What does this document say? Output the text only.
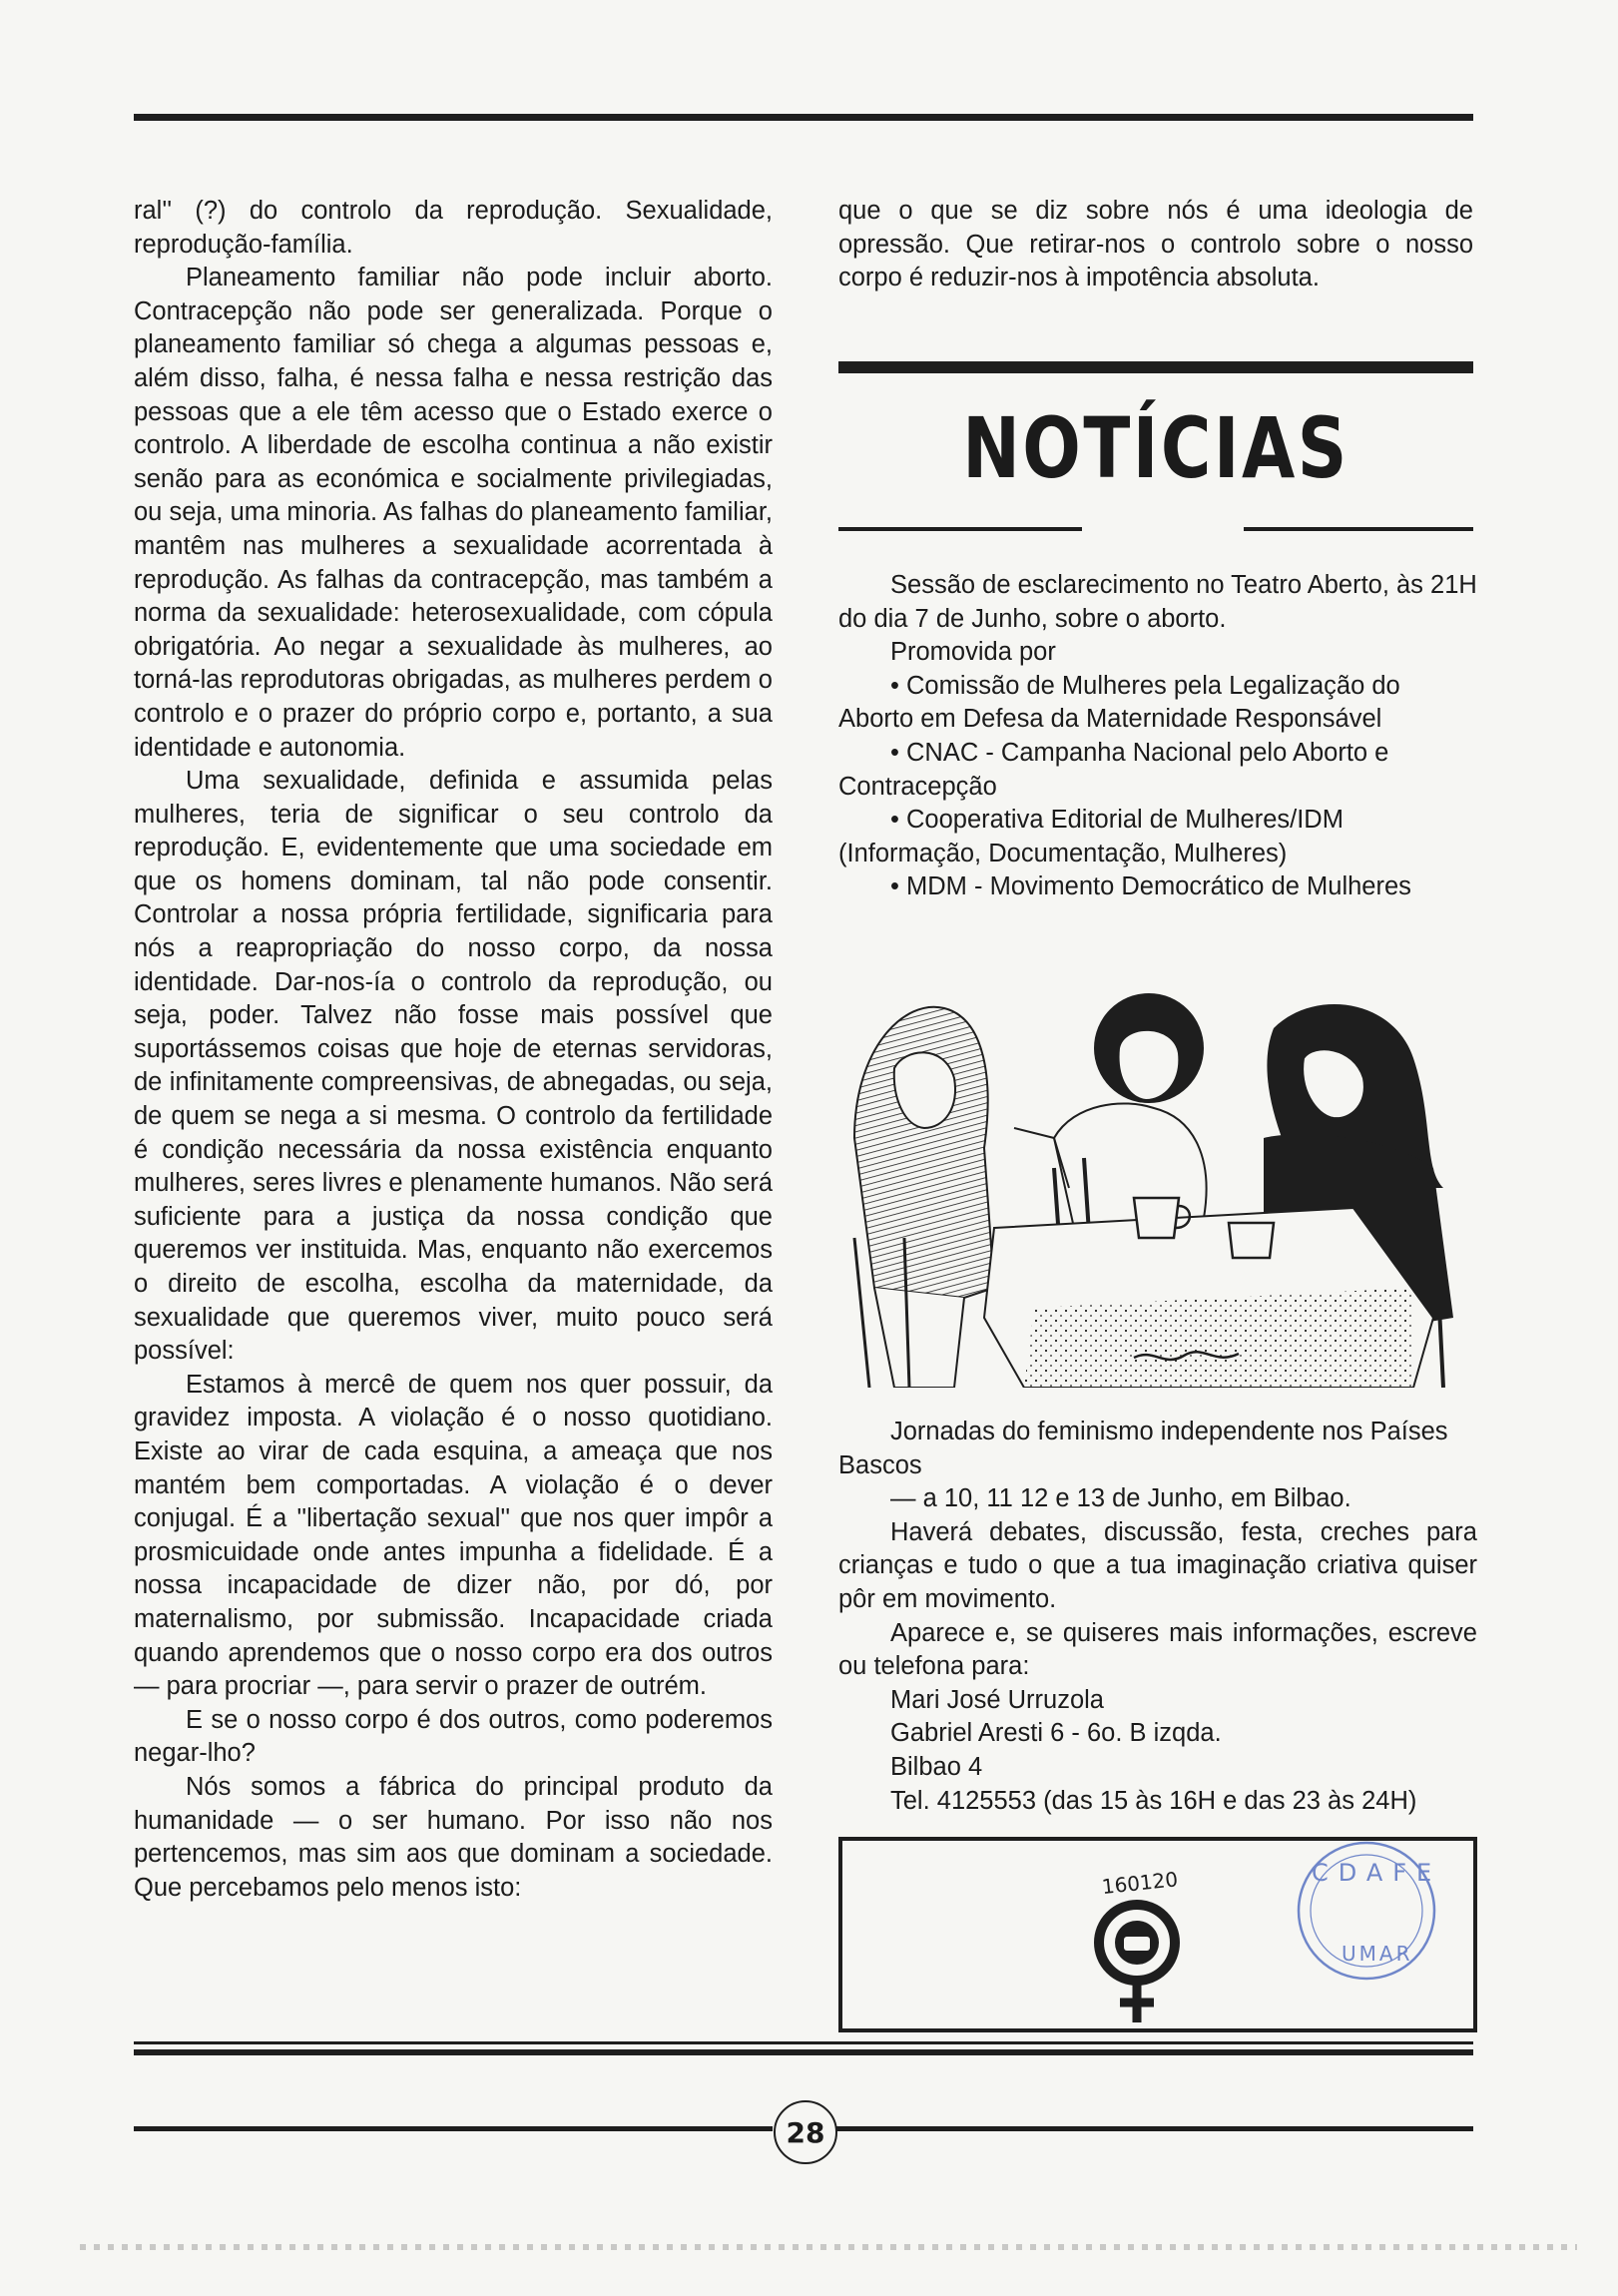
ral'' (?) do controlo da reprodução. Sexualidade, reprodução-família.

Planeamento familiar não pode incluir aborto. Contracepção não pode ser generalizada. Porque o planeamento familiar só chega a algumas pessoas e, além disso, falha, é nessa falha e nessa restrição das pessoas que a ele têm acesso que o Estado exerce o controlo. A liberdade de escolha continua a não existir senão para as económica e socialmente privilegiadas, ou seja, uma minoria. As falhas do planeamento familiar, mantêm nas mulheres a sexualidade acorrentada à reprodução. As falhas da contracepção, mas também a norma da sexualidade: heterosexualidade, com cópula obrigatória. Ao negar a sexualidade às mulheres, ao torná-las reprodutoras obrigadas, as mulheres perdem o controlo e o prazer do próprio corpo e, portanto, a sua identidade e autonomia.

Uma sexualidade, definida e assumida pelas mulheres, teria de significar o seu controlo da reprodução. E, evidentemente que uma sociedade em que os homens dominam, tal não pode consentir. Controlar a nossa própria fertilidade, significaria para nós a reapropriação do nosso corpo, da nossa identidade. Dar-nos-ía o controlo da reprodução, ou seja, poder. Talvez não fosse mais possível que suportássemos coisas que hoje de eternas servidoras, de infinitamente compreensivas, de abnegadas, ou seja, de quem se nega a si mesma. O controlo da fertilidade é condição necessária da nossa existência enquanto mulheres, seres livres e plenamente humanos. Não será suficiente para a justiça da nossa condição que queremos ver instituida. Mas, enquanto não exercemos o direito de escolha, escolha da maternidade, da sexualidade que queremos viver, muito pouco será possível:

Estamos à mercê de quem nos quer possuir, da gravidez imposta. A violação é o nosso quotidiano. Existe ao virar de cada esquina, a ameaça que nos mantém bem comportadas. A violação é o dever conjugal. É a ''libertação sexual'' que nos quer impôr a prosmicuidade onde antes impunha a fidelidade. É a nossa incapacidade de dizer não, por dó, por maternalismo, por submissão. Incapacidade criada quando aprendemos que o nosso corpo era dos outros — para procriar —, para servir o prazer de outrém.

E se o nosso corpo é dos outros, como poderemos negar-lho?

Nós somos a fábrica do principal produto da humanidade — o ser humano. Por isso não nos pertencemos, mas sim aos que dominam a sociedade. Que percebamos pelo menos isto:

que o que se diz sobre nós é uma ideologia de opressão. Que retirar-nos o controlo sobre o nosso corpo é reduzir-nos à impotência absoluta.

NOTÍCIAS

Sessão de esclarecimento no Teatro Aberto, às 21H do dia 7 de Junho, sobre o aborto.

Promovida por

• Comissão de Mulheres pela Legalização do Aborto em Defesa da Maternidade Responsável

• CNAC - Campanha Nacional pelo Aborto e Contracepção

• Cooperativa Editorial de Mulheres/IDM (Informação, Documentação, Mulheres)

• MDM - Movimento Democrático de Mulheres

Jornadas do feminismo independente nos Países Bascos

— a 10, 11 12 e 13 de Junho, em Bilbao.

Haverá debates, discussão, festa, creches para crianças e tudo o que a tua imaginação criativa quiser pôr em movimento.

Aparece e, se quiseres mais informações, escreve ou telefona para:

Mari José Urruzola

Gabriel Aresti 6 - 6o. B izqda.

Bilbao 4

Tel. 4125553 (das 15 às 16H e das 23 às 24H)

160120	CDAFE
UMAR
28
